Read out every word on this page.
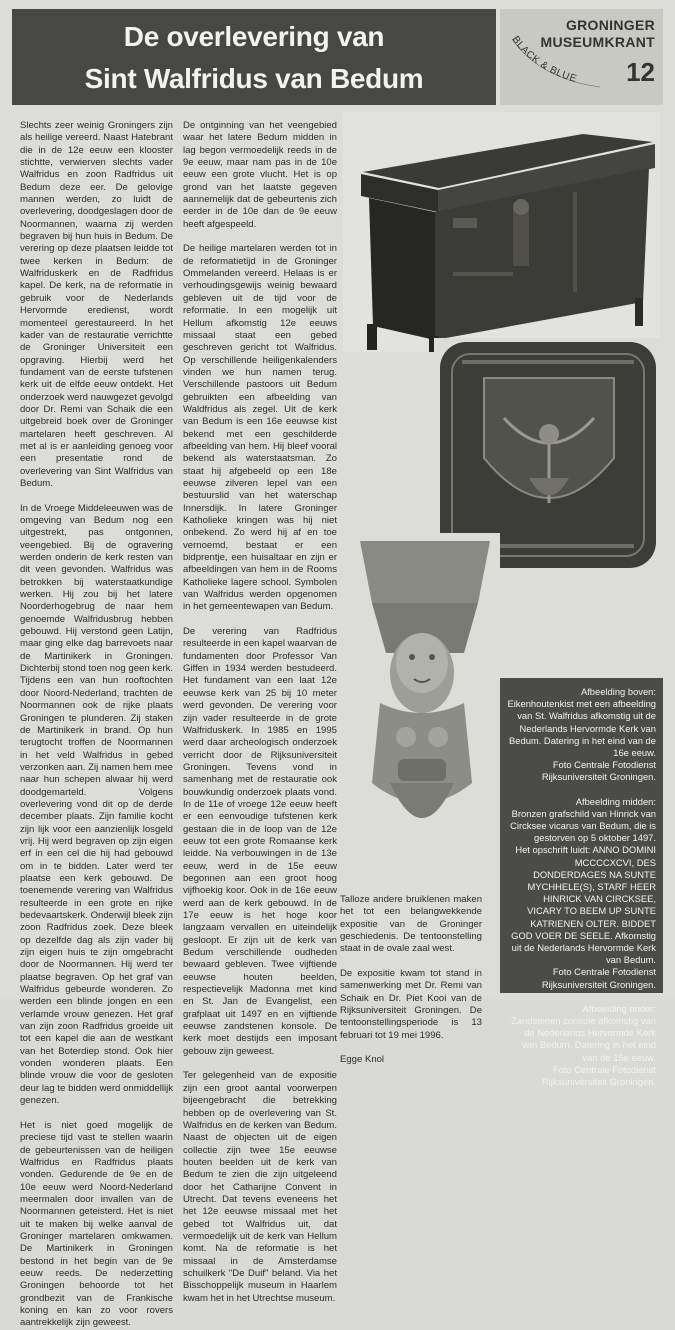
De overlevering van
Sint Walfridus van Bedum
BLACK & BLUE
GRONINGER
MUSEUMKRANT
12

Slechts zeer weinig Groningers zijn als heilige vereerd. Naast Hatebrant die in de 12e eeuw een klooster stichtte, verwierven slechts vader Walfridus en zoon Radfridus uit Bedum deze eer. De gelovige mannen werden, zo luidt de overlevering, doodgeslagen door de Noormannen, waarna zij werden begraven bij hun huis in Bedum. De verering op deze plaatsen leidde tot twee kerken in Bedum: de Walfriduskerk en de Radfridus kapel. De kerk, na de reformatie in gebruik voor de Nederlands Hervormde eredienst, wordt momenteel gerestaureerd. In het kader van de restauratie verrichtte de Groninger Universiteit een opgraving. Hierbij werd het fundament van de eerste tufstenen kerk uit de elfde eeuw ontdekt. Het onderzoek werd nauwgezet gevolgd door Dr. Remi van Schaik die een uitgebreid boek over de Groninger martelaren heeft geschreven. Al met al is er aanleiding genoeg voor een presentatie rond de overlevering van Sint Walfridus van Bedum.

In de Vroege Middeleeuwen was de omgeving van Bedum nog een uitgestrekt, pas ontgonnen, veengebied. Bij de ogravering werden onderin de kerk resten van dit veen gevonden. Walfridus was betrokken bij waterstaatkundige werken. Hij zou bij het latere Noorderhogebrug de naar hem genoemde Walfridusbrug hebben gebouwd. Hij verstond geen Latijn, maar ging elke dag barrevoets naar de Martinikerk in Groningen. Dichterbij stond toen nog geen kerk. Tijdens een van hun rooftochten door Noord-Nederland, trachten de Noormannen ook de rijke plaats Groningen te plunderen. Zij staken de Martinikerk in brand. Op hun terugtocht troffen de Noormannen in het veld Walfridus in gebed verzonken aan. Zij namen hem mee naar hun schepen alwaar hij werd doodgemarteld. Volgens overlevering vond dit op de derde december plaats. Zijn familie kocht zijn lijk voor een aanzienlijk losgeld vrij. Hij werd begraven op zijn eigen erf in een cel die hij had gebouwd om in te bidden. Later werd ter plaatse een kerk gebouwd. De toenemende verering van Walfridus resulteerde in een grote en rijke bedevaartskerk. Onderwijl bleek zijn zoon Radfridus zoek. Deze bleek op dezelfde dag als zijn vader bij zijn eigen huis te zijn omgebracht door de Noormannen. Hij werd ter plaatse begraven. Op het graf van Walfridus gebeurde wonderen. Zo werden een blinde jongen en een verlamde vrouw genezen. Het graf van zijn zoon Radfridus groeide uit tot een kapel die aan de westkant van het Boterdiep stond. Ook hier vonden wonderen plaats. Een blinde vrouw die voor de gesloten deur lag te bidden werd onmiddellijk genezen.

Het is niet goed mogelijk de preciese tijd vast te stellen waarin de gebeurtenissen van de heiligen Walfridus en Radfridus plaats vonden. Gedurende de 9e en de 10e eeuw werd Noord-Nederland meermalen door invallen van de Noormannen geteisterd. Het is niet uit te maken bij welke aanval de Groninger martelaren omkwamen. De Martinikerk in Groningen bestond in het begin van de 9e eeuw reeds. De nederzetting Groningen behoorde tot het grondbezit van de Frankische koning en kan zo voor rovers aantrekkelijk zijn geweest.

De ontginning van het veengebied waar het latere Bedum midden in lag begon vermoedelijk reeds in de 9e eeuw, maar nam pas in de 10e eeuw een grote vlucht. Het is op grond van het laatste gegeven aannemelijk dat de gebeurtenis zich eerder in de 10e dan de 9e eeuw heeft afgespeeld.

De heilige martelaren werden tot in de reformatietijd in de Groninger Ommelanden vereerd. Helaas is er verhoudingsgewijs weinig bewaard gebleven uit de tijd voor de reformatie. In een mogelijk uit Hellum afkomstig 12e eeuws missaal staat een gebed geschreven gericht tot Walfridus. Op verschillende heiligenkalenders vinden we hun namen terug. Verschillende pastoors uit Bedum gebruikten een afbeelding van Waldfridus als zegel. Uit de kerk van Bedum is een 16e eeuwse kist bekend met een geschilderde afbeelding van hem. Hij bleef vooral bekend als waterstaatsman. Zo staat hij afgebeeld op een 18e eeuwse zilveren lepel van een bestuurslid van het waterschap Innersdijk. In latere Groninger Katholieke kringen was hij niet onbekend. Zo werd hij af en toe vernoemd, bestaat er een bidprentje, een huisaltaar en zijn er afbeeldingen van hem in de Rooms Katholieke lagere school. Symbolen van Walfridus werden opgenomen in het gemeentewapen van Bedum.

De verering van Radfridus resulteerde in een kapel waarvan de fundamenten door Professor Van Giffen in 1934 werden bestudeerd. Het fundament van een laat 12e eeuwse kerk van 25 bij 10 meter werd gevonden. De verering voor zijn vader resulteerde in de grote Walfriduskerk. In 1985 en 1995 werd daar archeologisch onderzoek verricht door de Rijksuniversiteit Groningen. Tevens vond in samenhang met de restauratie ook bouwkundig onderzoek plaats vond. In de 11e of vroege 12e eeuw heeft er een eenvoudige tufstenen kerk gestaan die in de loop van de 12e eeuw tot een grote Romaanse kerk leidde. Na verbouwingen in de 13e eeuw, werd in de 15e eeuw begonnen aan een groot hoog vijfhoekig koor. Ook in de 16e eeuw werd aan de kerk gebouwd. In de 17e eeuw is het hoge koor langzaam vervallen en uiteindelijk gesloopt. Er zijn uit de kerk van Bedum verschillende oudheden bewaard gebleven. Twee vijftiende eeuwse houten beelden, respectievelijk Madonna met kind en St. Jan de Evangelist, een grafplaat uit 1497 en en vijftiende eeuwse zandstenen konsole. De kerk moet destijds een imposant gebouw zijn geweest.

Ter gelegenheid van de expositie zijn een groot aantal voorwerpen bijeengebracht die betrekking hebben op de overlevering van St. Walfridus en de kerken van Bedum. Naast de objecten uit de eigen collectie zijn twee 15e eeuwse houten beelden uit de kerk van Bedum te zien die zijn uitgeleend door het Catharijne Convent in Utrecht. Dat tevens eveneens het het 12e eeuwse missaal met het gebed tot Walfridus uit, dat vermoedelijk uit de kerk van Hellum komt. Na de reformatie is het missaal in de Amsterdamse schuilkerk "De Duif" beland. Via het Bisschoppelijk museum in Haarlem kwam het in het Utrechtse museum.

Talloze andere bruiklenen maken het tot een belangwekkende expositie van de Groninger geschiedenis. De tentoonstelling staat in de ovale zaal west.

De expositie kwam tot stand in samenwerking met Dr. Remi van Schaik en Dr. Piet Kooi van de Rijksuniversiteit Groningen. De tentoonstellingsperiode is 13 februari tot 19 mei 1996.

Egge Knol
Afbeelding boven:
Eikenhoutenkist met een afbeelding van St. Walfridus afkomstig uit de Nederlands Hervormde Kerk van Bedum. Datering in het eind van de 16e eeuw.
Foto Centrale Fotodienst Rijksuniversiteit Groningen.
Afbeelding midden:
Bronzen grafschild van Hinrick van Circksee vicarus van Bedum, die is gestorven op 5 oktober 1497.
Het opschrift luidt: ANNO DOMINI MCCCCXCVI, DES DONDERDAGES NA SUNTE MYCHHELE(S), STARF HEER HINRICK VAN CIRCKSEE, VICARY TO BEEM UP SUNTE KATRIENEN OLTER. BIDDET GOD VOER DE SEELE. Afkomstig uit de Nederlands Hervormde Kerk van Bedum.
Foto Centrale Fotodienst Rijksuniversiteit Groningen.
Afbeelding onder:
Zandstenen console afkomstig van de Nederlands Hervormde Kerk van Bedum. Datering in het eind van de 15e eeuw.
Foto Centrale Fotodienst Rijksuniversiteit Groningen.
